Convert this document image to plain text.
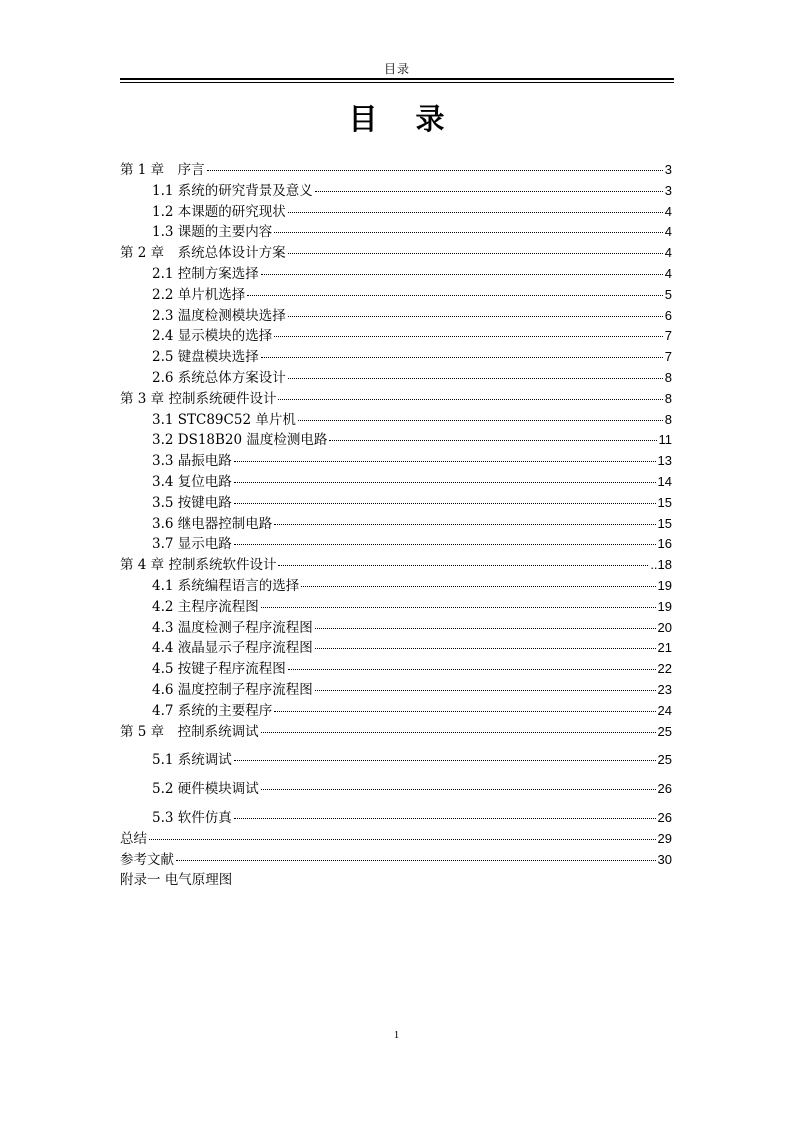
目录
目 录
第 1 章　序言	3
1.1 系统的研究背景及意义	3
1.2 本课题的研究现状	4
1.3 课题的主要内容	4
第 2 章　系统总体设计方案	4
2.1 控制方案选择	4
2.2 单片机选择	5
2.3 温度检测模块选择	6
2.4 显示模块的选择	7
2.5 键盘模块选择	7
2.6 系统总体方案设计	8
第 3 章 控制系统硬件设计	8
3.1 STC89C52 单片机	8
3.2 DS18B20 温度检测电路	11
3.3 晶振电路	13
3.4 复位电路	14
3.5 按键电路	15
3.6 继电器控制电路	15
3.7 显示电路	16
第 4 章 控制系统软件设计	..18
4.1 系统编程语言的选择	19
4.2 主程序流程图	19
4.3 温度检测子程序流程图	20
4.4 液晶显示子程序流程图	21
4.5 按键子程序流程图	22
4.6 温度控制子程序流程图	23
4.7 系统的主要程序	24
第 5 章　控制系统调试	25
5.1 系统调试	25
5.2 硬件模块调试	26
5.3 软件仿真	26
总结	29
参考文献	30
附录一 电气原理图
1
